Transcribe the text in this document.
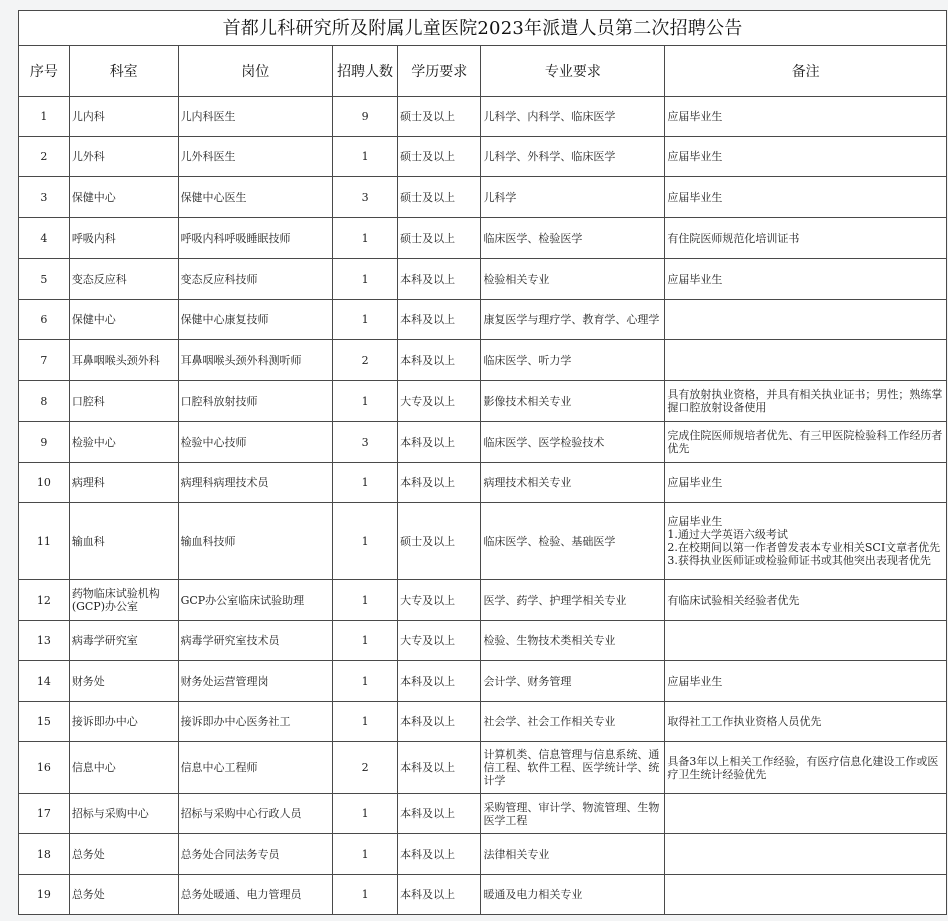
首都儿科研究所及附属儿童医院2023年派遣人员第二次招聘公告						
序号	科室	岗位	招聘人数	学历要求	专业要求	备注
1	儿内科	儿内科医生	9	硕士及以上	儿科学、内科学、临床医学	应届毕业生
2	儿外科	儿外科医生	1	硕士及以上	儿科学、外科学、临床医学	应届毕业生
3	保健中心	保健中心医生	3	硕士及以上	儿科学	应届毕业生
4	呼吸内科	呼吸内科呼吸睡眠技师	1	硕士及以上	临床医学、检验医学	有住院医师规范化培训证书
5	变态反应科	变态反应科技师	1	本科及以上	检验相关专业	应届毕业生
6	保健中心	保健中心康复技师	1	本科及以上	康复医学与理疗学、教育学、心理学	
7	耳鼻咽喉头颈外科	耳鼻咽喉头颈外科测听师	2	本科及以上	临床医学、听力学	
8	口腔科	口腔科放射技师	1	大专及以上	影像技术相关专业	具有放射执业资格，并具有相关执业证书；男性；熟练掌握口腔放射设备使用
9	检验中心	检验中心技师	3	本科及以上	临床医学、医学检验技术	完成住院医师规培者优先、有三甲医院检验科工作经历者优先
10	病理科	病理科病理技术员	1	本科及以上	病理技术相关专业	应届毕业生
11	输血科	输血科技师	1	硕士及以上	临床医学、检验、基础医学	应届毕业生
1.通过大学英语六级考试
2.在校期间以第一作者曾发表本专业相关SCI文章者优先
3.获得执业医师证或检验师证书或其他突出表现者优先
12	药物临床试验机构(GCP)办公室	GCP办公室临床试验助理	1	大专及以上	医学、药学、护理学相关专业	有临床试验相关经验者优先
13	病毒学研究室	病毒学研究室技术员	1	大专及以上	检验、生物技术类相关专业	
14	财务处	财务处运营管理岗	1	本科及以上	会计学、财务管理	应届毕业生
15	接诉即办中心	接诉即办中心医务社工	1	本科及以上	社会学、社会工作相关专业	取得社工工作执业资格人员优先
16	信息中心	信息中心工程师	2	本科及以上	计算机类、信息管理与信息系统、通信工程、软件工程、医学统计学、统计学	具备3年以上相关工作经验，有医疗信息化建设工作或医疗卫生统计经验优先
17	招标与采购中心	招标与采购中心行政人员	1	本科及以上	采购管理、审计学、物流管理、生物医学工程	
18	总务处	总务处合同法务专员	1	本科及以上	法律相关专业	
19	总务处	总务处暖通、电力管理员	1	本科及以上	暖通及电力相关专业	
